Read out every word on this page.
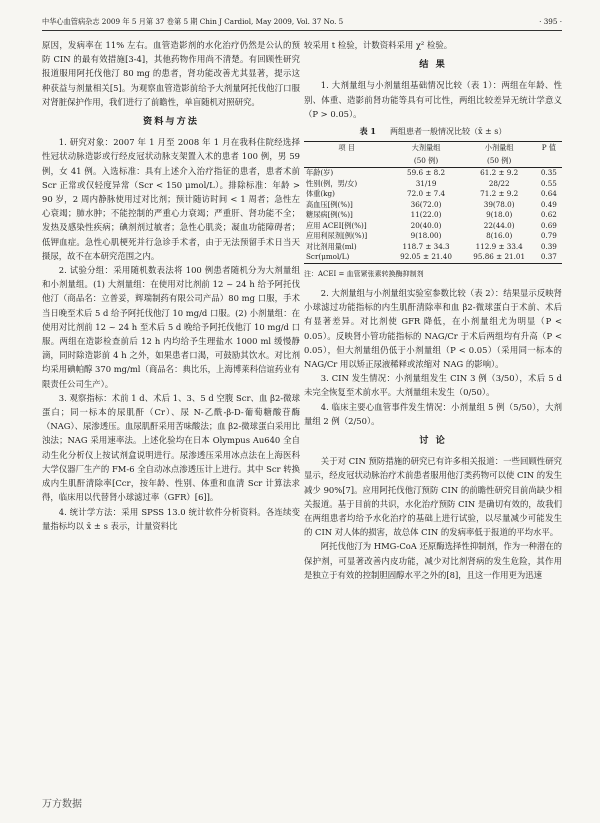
中华心血管病杂志 2009 年 5 月第 37 卷第 5 期 Chin J Cardiol, May 2009, Vol. 37 No. 5	· 395 ·

原因，发病率在 11% 左右。血管造影剂的水化治疗仍然是公认的预防 CIN 的最有效措施[3-4]，其他药物作用尚不清楚。有回顾性研究报道服用阿托伐他汀 80 mg 的患者，肾功能改善尤其显著，提示这种获益与剂量相关[5]。为观察血管造影前给予大剂量阿托伐他汀口服对肾脏保护作用，我们进行了前瞻性，单盲随机对照研究。

资料与方法

1. 研究对象：2007 年 1 月至 2008 年 1 月在我科住院经选择性冠状动脉造影或行经皮冠状动脉支架置入术的患者 100 例，男 59 例，女 41 例。入选标准：具有上述介入治疗指征的患者，患者术前 Scr 正常或仅轻度异常（Scr < 150 μmol/L）。排除标准：年龄 > 90 岁，2 周内静脉使用过对比剂；预计随访时间 < 1 周者；急性左心衰竭；肺水肿；不能控制的严重心力衰竭；严重肝、肾功能不全；发热及感染性疾病；碘剂剂过敏者；急性心肌炎；凝血功能障碍者；低钾血症。急性心肌梗死并行急诊手术者，由于无法预留手术日当天摄尿，故不在本研究范围之内。

2. 试验分组：采用随机数表法将 100 例患者随机分为大剂量组和小剂量组。(1) 大剂量组：在使用对比剂前 12 ~ 24 h 给予阿托伐他汀（商品名：立普妥，辉瑞制药有限公司产品）80 mg 口服，手术当日晚至术后 5 d 给予阿托伐他汀 10 mg/d 口服。(2) 小剂量组：在使用对比剂前 12 ~ 24 h 至术后 5 d 晚给予阿托伐他汀 10 mg/d 口服。两组在造影检查前后 12 h 内均给予生理盐水 1000 ml 缓慢静滴，同时除造影前 4 h 之外，如果患者口渴，可鼓励其饮水。对比剂均采用碘帕醇 370 mg/ml（商品名：典比乐，上海博莱科信谊药业有限责任公司生产）。

3. 观察指标：术前 1 d、术后 1、3、5 d 空腹 Scr、血 β2-微球蛋白；同一标本的尿肌酐（Cr）、尿 N-乙酰-β-D-葡萄糖酸苷酶（NAG）、尿渗透压。血尿肌酐采用苦味酸法；血 β2-微球蛋白采用比浊法；NAG 采用速率法。上述化验均在日本 Olympus Au640 全自动生化分析仪上按试剂盒说明进行。尿渗透压采用冰点法在上海医科大学仪器厂生产的 FM-6 全自动冰点渗透压计上进行。其中 Scr 转换成内生肌酐清除率[Ccr，按年龄、性别、体重和血清 Scr 计算法求得，临床用以代替肾小球滤过率（GFR）[6]]。

4. 统计学方法：采用 SPSS 13.0 统计软件分析资料。各连续变量指标均以 x̄ ± s 表示，计量资料比

较采用 t 检验，计数资料采用 χ² 检验。

结 果

1. 大剂量组与小剂量组基础情况比较（表 1）：两组在年龄、性别、体重、造影前肾功能等具有可比性，两组比较差异无统计学意义（P > 0.05）。

表 1 两组患者一般情况比较（x̄ ± s）
项 目	大剂量组	小剂量组	P 值
	(50 例)	(50 例)	
年龄(岁)	59.6 ± 8.2	61.2 ± 9.2	0.35
性别(例，男/女)	31/19	28/22	0.55
体重(kg)	72.0 ± 7.4	71.2 ± 9.2	0.64
高血压[例(%)]	36(72.0)	39(78.0)	0.49
糖尿病[例(%)]	11(22.0)	9(18.0)	0.62
应用 ACEI[例(%)]	20(40.0)	22(44.0)	0.69
应用利尿剂[例(%)]	9(18.00)	8(16.0)	0.79
对比剂用量(ml)	118.7 ± 34.3	112.9 ± 33.4	0.39
Scr(μmol/L)	92.05 ± 21.40	95.86 ± 21.01	0.37
注：ACEI = 血管紧张素转换酶抑制剂

2. 大剂量组与小剂量组实验室参数比较（表 2）：结果显示反映肾小球滤过功能指标的内生肌酐清除率和血 β2-微球蛋白于术前、术后有显著差异。对比剂使 GFR 降低，在小剂量组尤为明显（P < 0.05）。反映肾小管功能指标的 NAG/Cr 于术后两组均有升高（P < 0.05），但大剂量组仍低于小剂量组（P < 0.05）（采用同一标本的 NAG/Cr 用以矫正尿液稀释或浓缩对 NAG 的影响）。

3. CIN 发生情况：小剂量组发生 CIN 3 例（3/50），术后 5 d 未完全恢复至术前水平。大剂量组未发生（0/50）。

4. 临床主要心血管事件发生情况：小剂量组 5 例（5/50），大剂量组 2 例（2/50）。

讨 论

关于对 CIN 预防措施的研究已有许多相关报道：一些回顾性研究显示，经皮冠状动脉治疗术前患者服用他汀类药物可以使 CIN 的发生减少 90%[7]。应用阿托伐他汀预防 CIN 的前瞻性研究目前尚缺少相关报道。基于目前的共识，水化治疗预防 CIN 是确切有效的，故我们在两组患者均给予水化治疗的基础上进行试验，以尽量减少可能发生的 CIN 对人体的损害，故总体 CIN 的发病率低于报道的平均水平。

阿托伐他汀为 HMG-CoA 还原酶选择性抑制剂，作为一种潜在的保护剂，可显著改善内皮功能，减少对比剂肾病的发生危险，其作用是独立于有效的控制胆固醇水平之外的[8]，且这一作用更为迅速

万方数据
